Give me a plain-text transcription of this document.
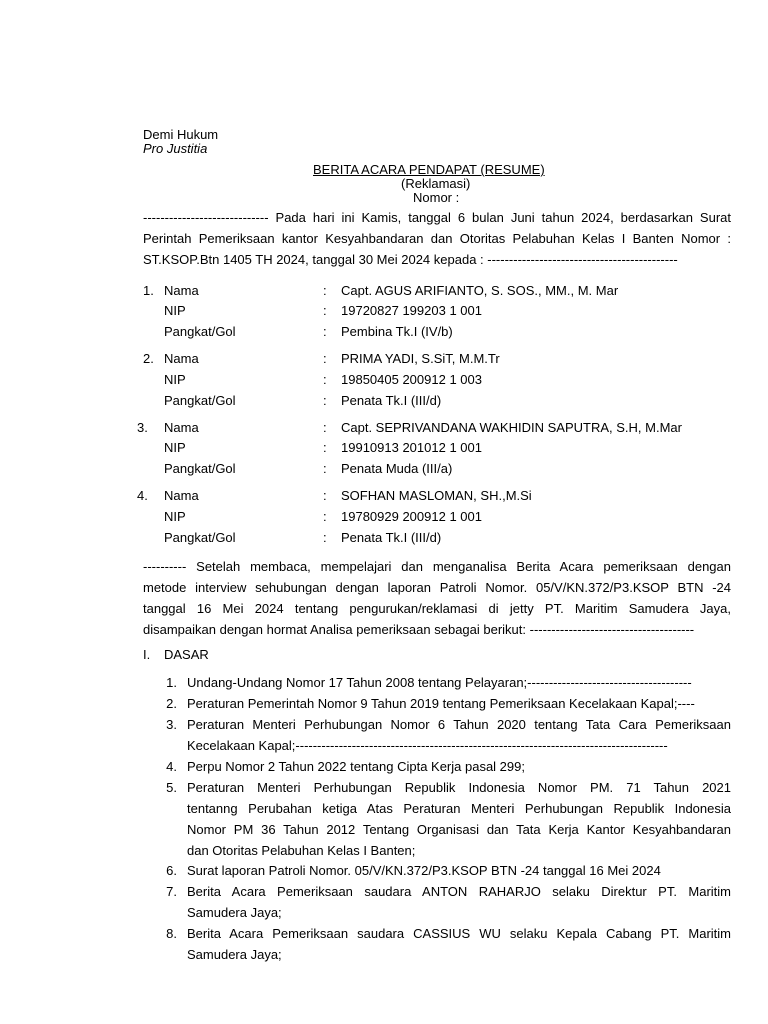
Demi Hukum
Pro Justitia
BERITA ACARA PENDAPAT (RESUME)
(Reklamasi)
Nomor :
----------------------------- Pada hari ini Kamis, tanggal 6 bulan Juni tahun 2024, berdasarkan Surat
Perintah Pemeriksaan kantor Kesyahbandaran dan Otoritas Pelabuhan Kelas I Banten Nomor :
ST.KSOP.Btn 1405 TH 2024, tanggal 30 Mei 2024 kepada : --------------------------------------------
1. Nama	: Capt. AGUS ARIFIANTO, S. SOS., MM., M. Mar
NIP	: 19720827 199203 1 001
Pangkat/Gol	: Pembina Tk.I (IV/b)
2. Nama	: PRIMA YADI, S.SiT, M.M.Tr
NIP	: 19850405 200912 1 003
Pangkat/Gol	: Penata Tk.I (III/d)
3. Nama	: Capt. SEPRIVANDANA WAKHIDIN SAPUTRA, S.H, M.Mar
NIP	: 19910913 201012 1 001
Pangkat/Gol	: Penata Muda (III/a)
4. Nama	: SOFHAN MASLOMAN, SH.,M.Si
NIP	: 19780929 200912 1 001
Pangkat/Gol	: Penata Tk.I (III/d)
---------- Setelah membaca, mempelajari dan menganalisa Berita Acara pemeriksaan dengan
metode interview sehubungan dengan laporan Patroli Nomor. 05/V/KN.372/P3.KSOP BTN -24
tanggal 16 Mei 2024 tentang pengurukan/reklamasi di jetty PT. Maritim Samudera Jaya,
disampaikan dengan hormat Analisa pemeriksaan sebagai berikut: --------------------------------------
I. DASAR
1. Undang-Undang Nomor 17 Tahun 2008 tentang Pelayaran;--------------------------------------
2. Peraturan Pemerintah Nomor 9 Tahun 2019 tentang Pemeriksaan Kecelakaan Kapal;----
3. Peraturan Menteri Perhubungan Nomor 6 Tahun 2020 tentang Tata Cara Pemeriksaan
Kecelakaan Kapal;--------------------------------------------------------------------------------------
4. Perpu Nomor 2 Tahun 2022 tentang Cipta Kerja pasal 299;
5. Peraturan Menteri Perhubungan Republik Indonesia Nomor PM. 71 Tahun 2021
tentanng Perubahan ketiga Atas Peraturan Menteri Perhubungan Republik Indonesia
Nomor PM 36 Tahun 2012 Tentang Organisasi dan Tata Kerja Kantor Kesyahbandaran
dan Otoritas Pelabuhan Kelas I Banten;
6. Surat laporan Patroli Nomor. 05/V/KN.372/P3.KSOP BTN -24 tanggal 16 Mei 2024
7. Berita Acara Pemeriksaan saudara ANTON RAHARJO selaku Direktur PT. Maritim
Samudera Jaya;
8. Berita Acara Pemeriksaan saudara CASSIUS WU selaku Kepala Cabang PT. Maritim
Samudera Jaya;
